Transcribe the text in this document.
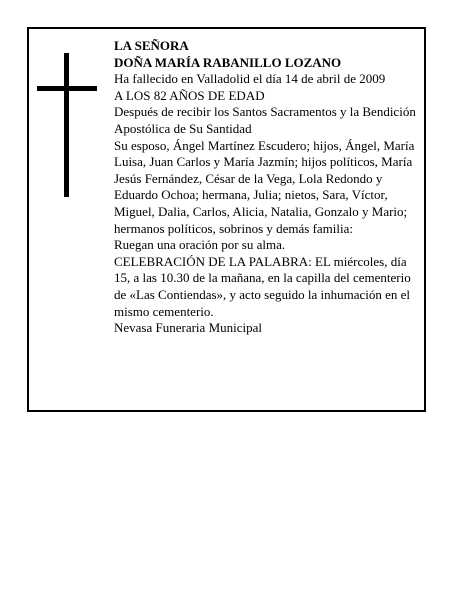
LA SEÑORA

DOÑA MARÍA RABANILLO LOZANO

Ha fallecido en Valladolid el día 14 de abril de 2009

A LOS 82 AÑOS DE EDAD

Después de recibir los Santos Sacramentos y la Bendición Apostólica de Su Santidad

Su esposo, Ángel Martínez Escudero; hijos, Ángel, María Luisa, Juan Carlos y María Jazmín; hijos políticos, María Jesús Fernández, César de la Vega, Lola Redondo y Eduardo Ochoa; hermana, Julia; nietos, Sara, Víctor, Miguel, Dalia, Carlos, Alicia, Natalia, Gonzalo y Mario; hermanos políticos, sobrinos y demás familia:

Ruegan una oración por su alma.

CELEBRACIÓN DE LA PALABRA: EL miércoles, día 15, a las 10.30 de la mañana, en la capilla del cementerio de «Las Contiendas», y acto seguido la inhumación en el mismo cementerio.

Nevasa Funeraria Municipal
